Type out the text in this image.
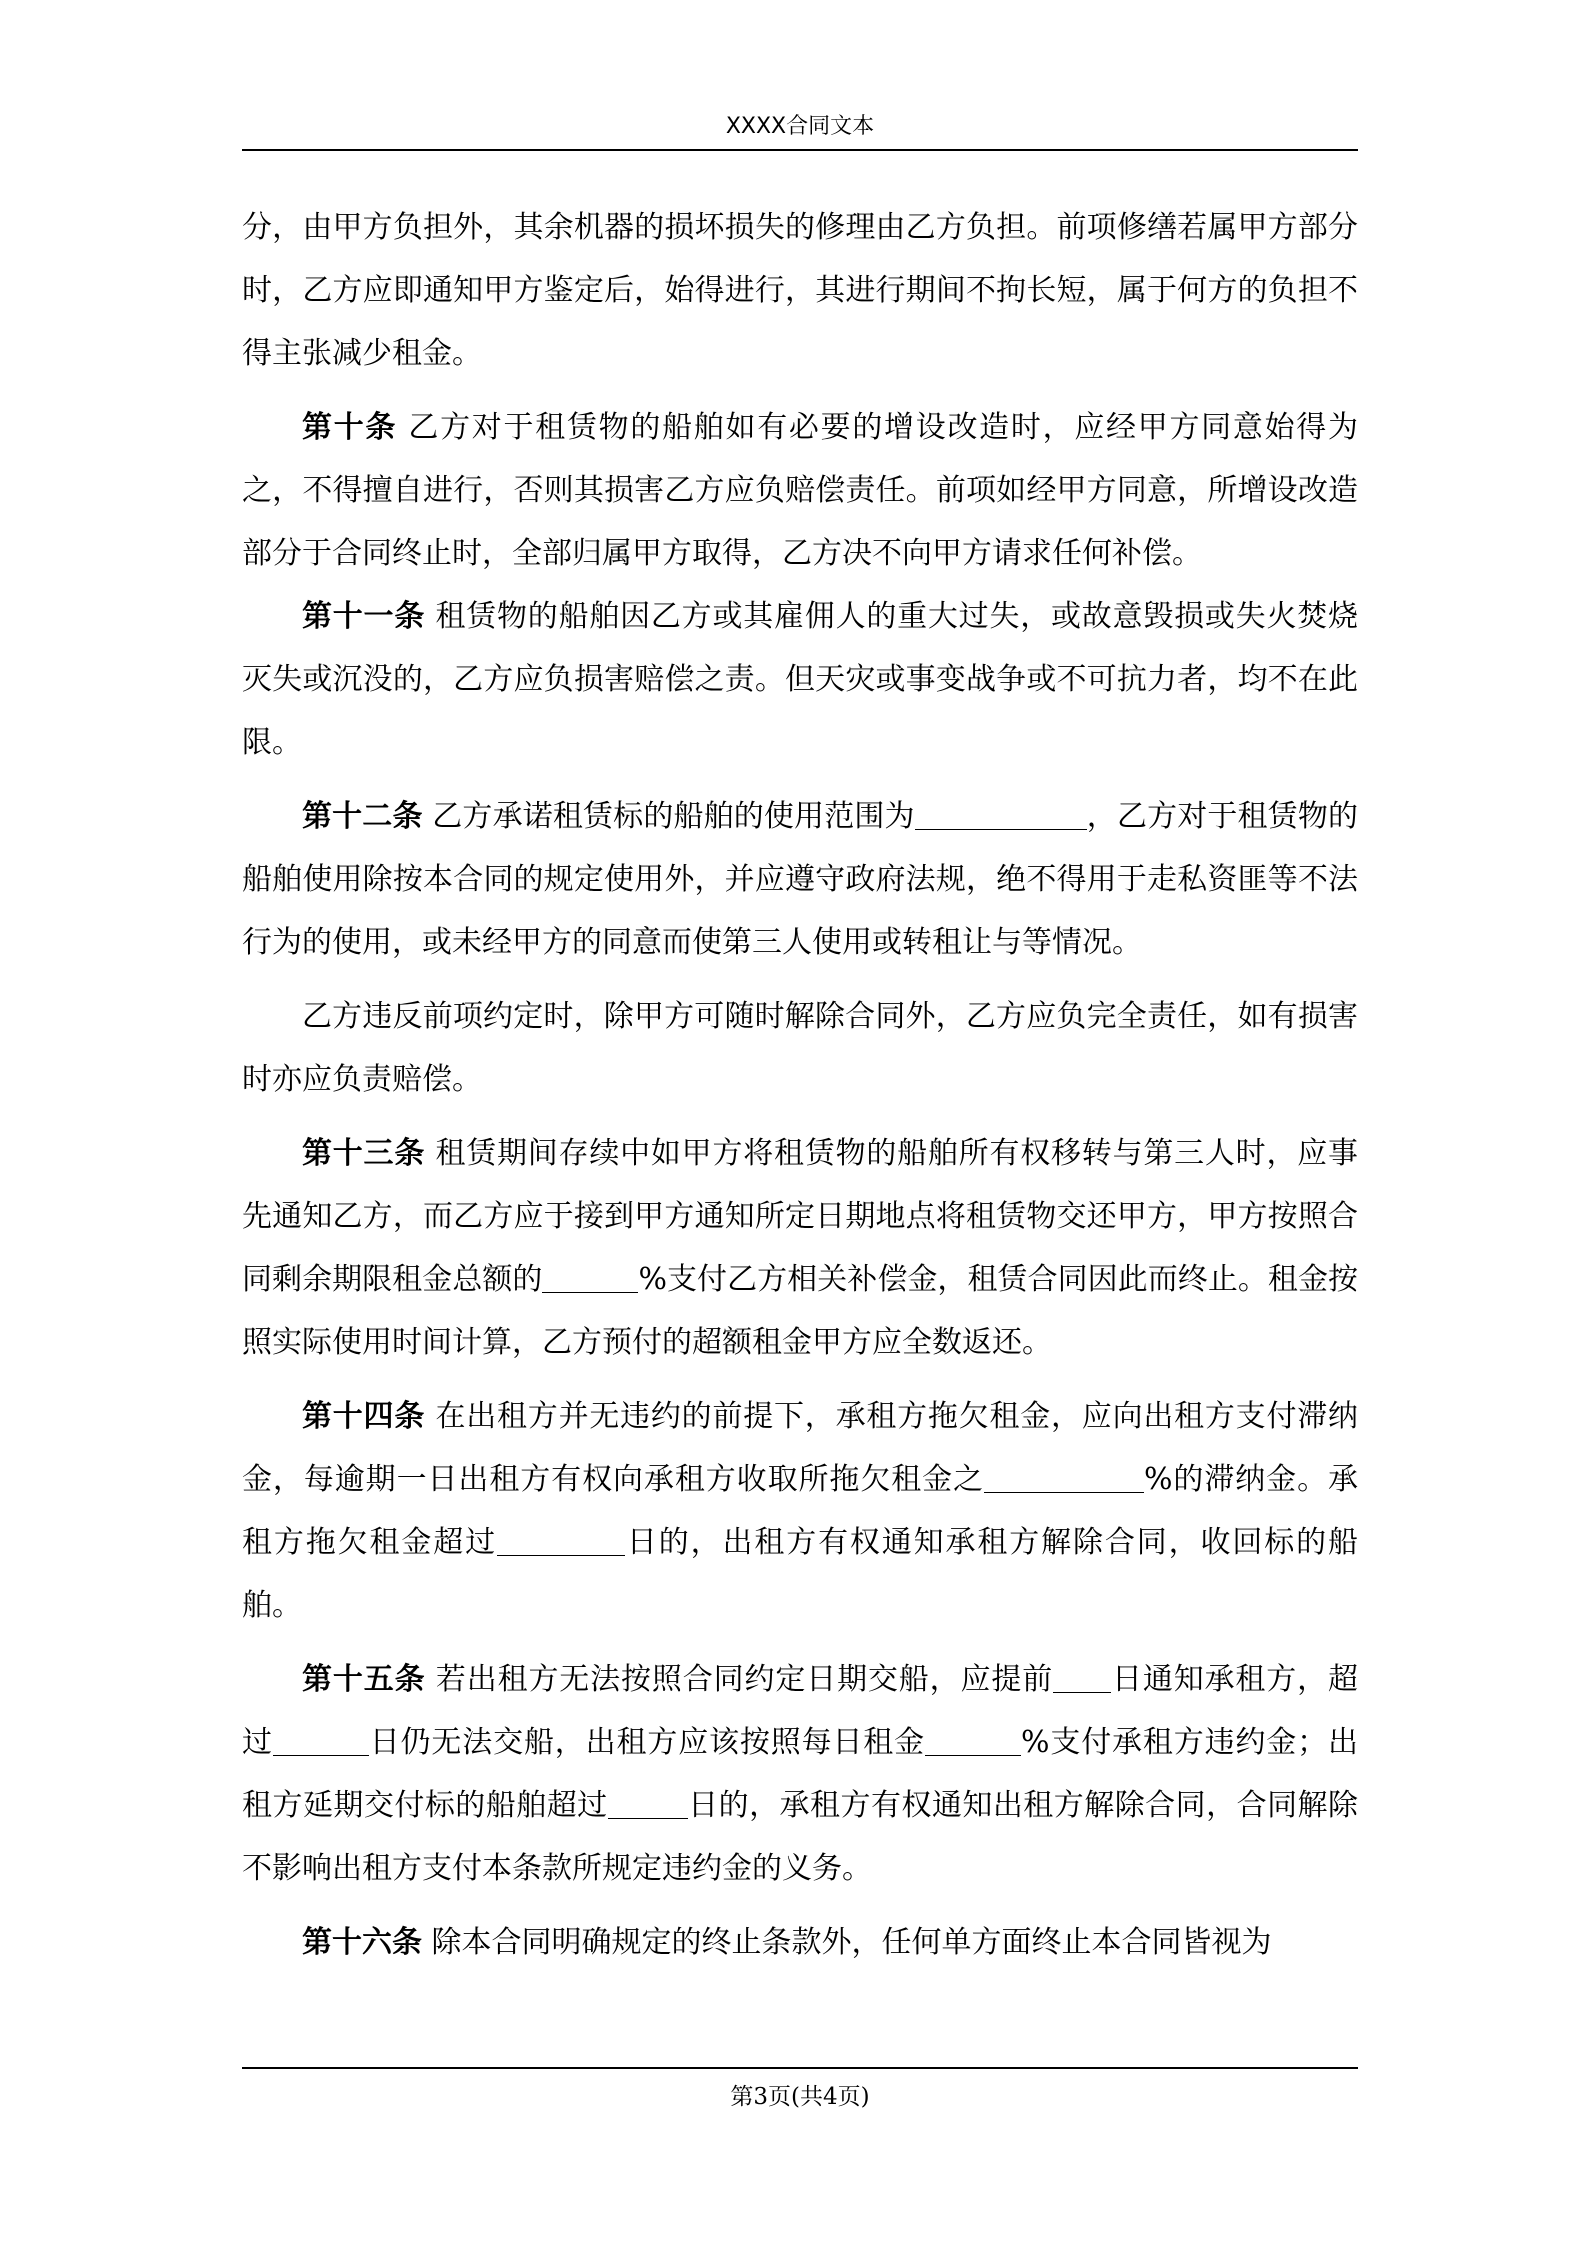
XXXX合同文本

分，由甲方负担外，其余机器的损坏损失的修理由乙方负担。前项修缮若属甲方部分时，乙方应即通知甲方鉴定后，始得进行，其进行期间不拘长短，属于何方的负担不得主张减少租金。

第十条 乙方对于租赁物的船舶如有必要的增设改造时，应经甲方同意始得为之，不得擅自进行，否则其损害乙方应负赔偿责任。前项如经甲方同意，所增设改造部分于合同终止时，全部归属甲方取得，乙方决不向甲方请求任何补偿。

第十一条 租赁物的船舶因乙方或其雇佣人的重大过失，或故意毁损或失火焚烧灭失或沉没的，乙方应负损害赔偿之责。但天灾或事变战争或不可抗力者，均不在此限。

第十二条 乙方承诺租赁标的船舶的使用范围为	，乙方对于租赁物的船舶使用除按本合同的规定使用外，并应遵守政府法规，绝不得用于走私资匪等不法行为的使用，或未经甲方的同意而使第三人使用或转租让与等情况。

乙方违反前项约定时，除甲方可随时解除合同外，乙方应负完全责任，如有损害时亦应负责赔偿。

第十三条 租赁期间存续中如甲方将租赁物的船舶所有权移转与第三人时，应事先通知乙方，而乙方应于接到甲方通知所定日期地点将租赁物交还甲方，甲方按照合同剩余期限租金总额的	%支付乙方相关补偿金，租赁合同因此而终止。租金按照实际使用时间计算，乙方预付的超额租金甲方应全数返还。

第十四条 在出租方并无违约的前提下，承租方拖欠租金，应向出租方支付滞纳金，每逾期一日出租方有权向承租方收取所拖欠租金之	%的滞纳金。承租方拖欠租金超过	日的，出租方有权通知承租方解除合同，收回标的船舶。

第十五条 若出租方无法按照合同约定日期交船，应提前 日通知承租方，超过	日仍无法交船，出租方应该按照每日租金	%支付承租方违约金；出租方延期交付标的船舶超过	日的，承租方有权通知出租方解除合同，合同解除不影响出租方支付本条款所规定违约金的义务。

第十六条 除本合同明确规定的终止条款外，任何单方面终止本合同皆视为

第3页(共4页)
